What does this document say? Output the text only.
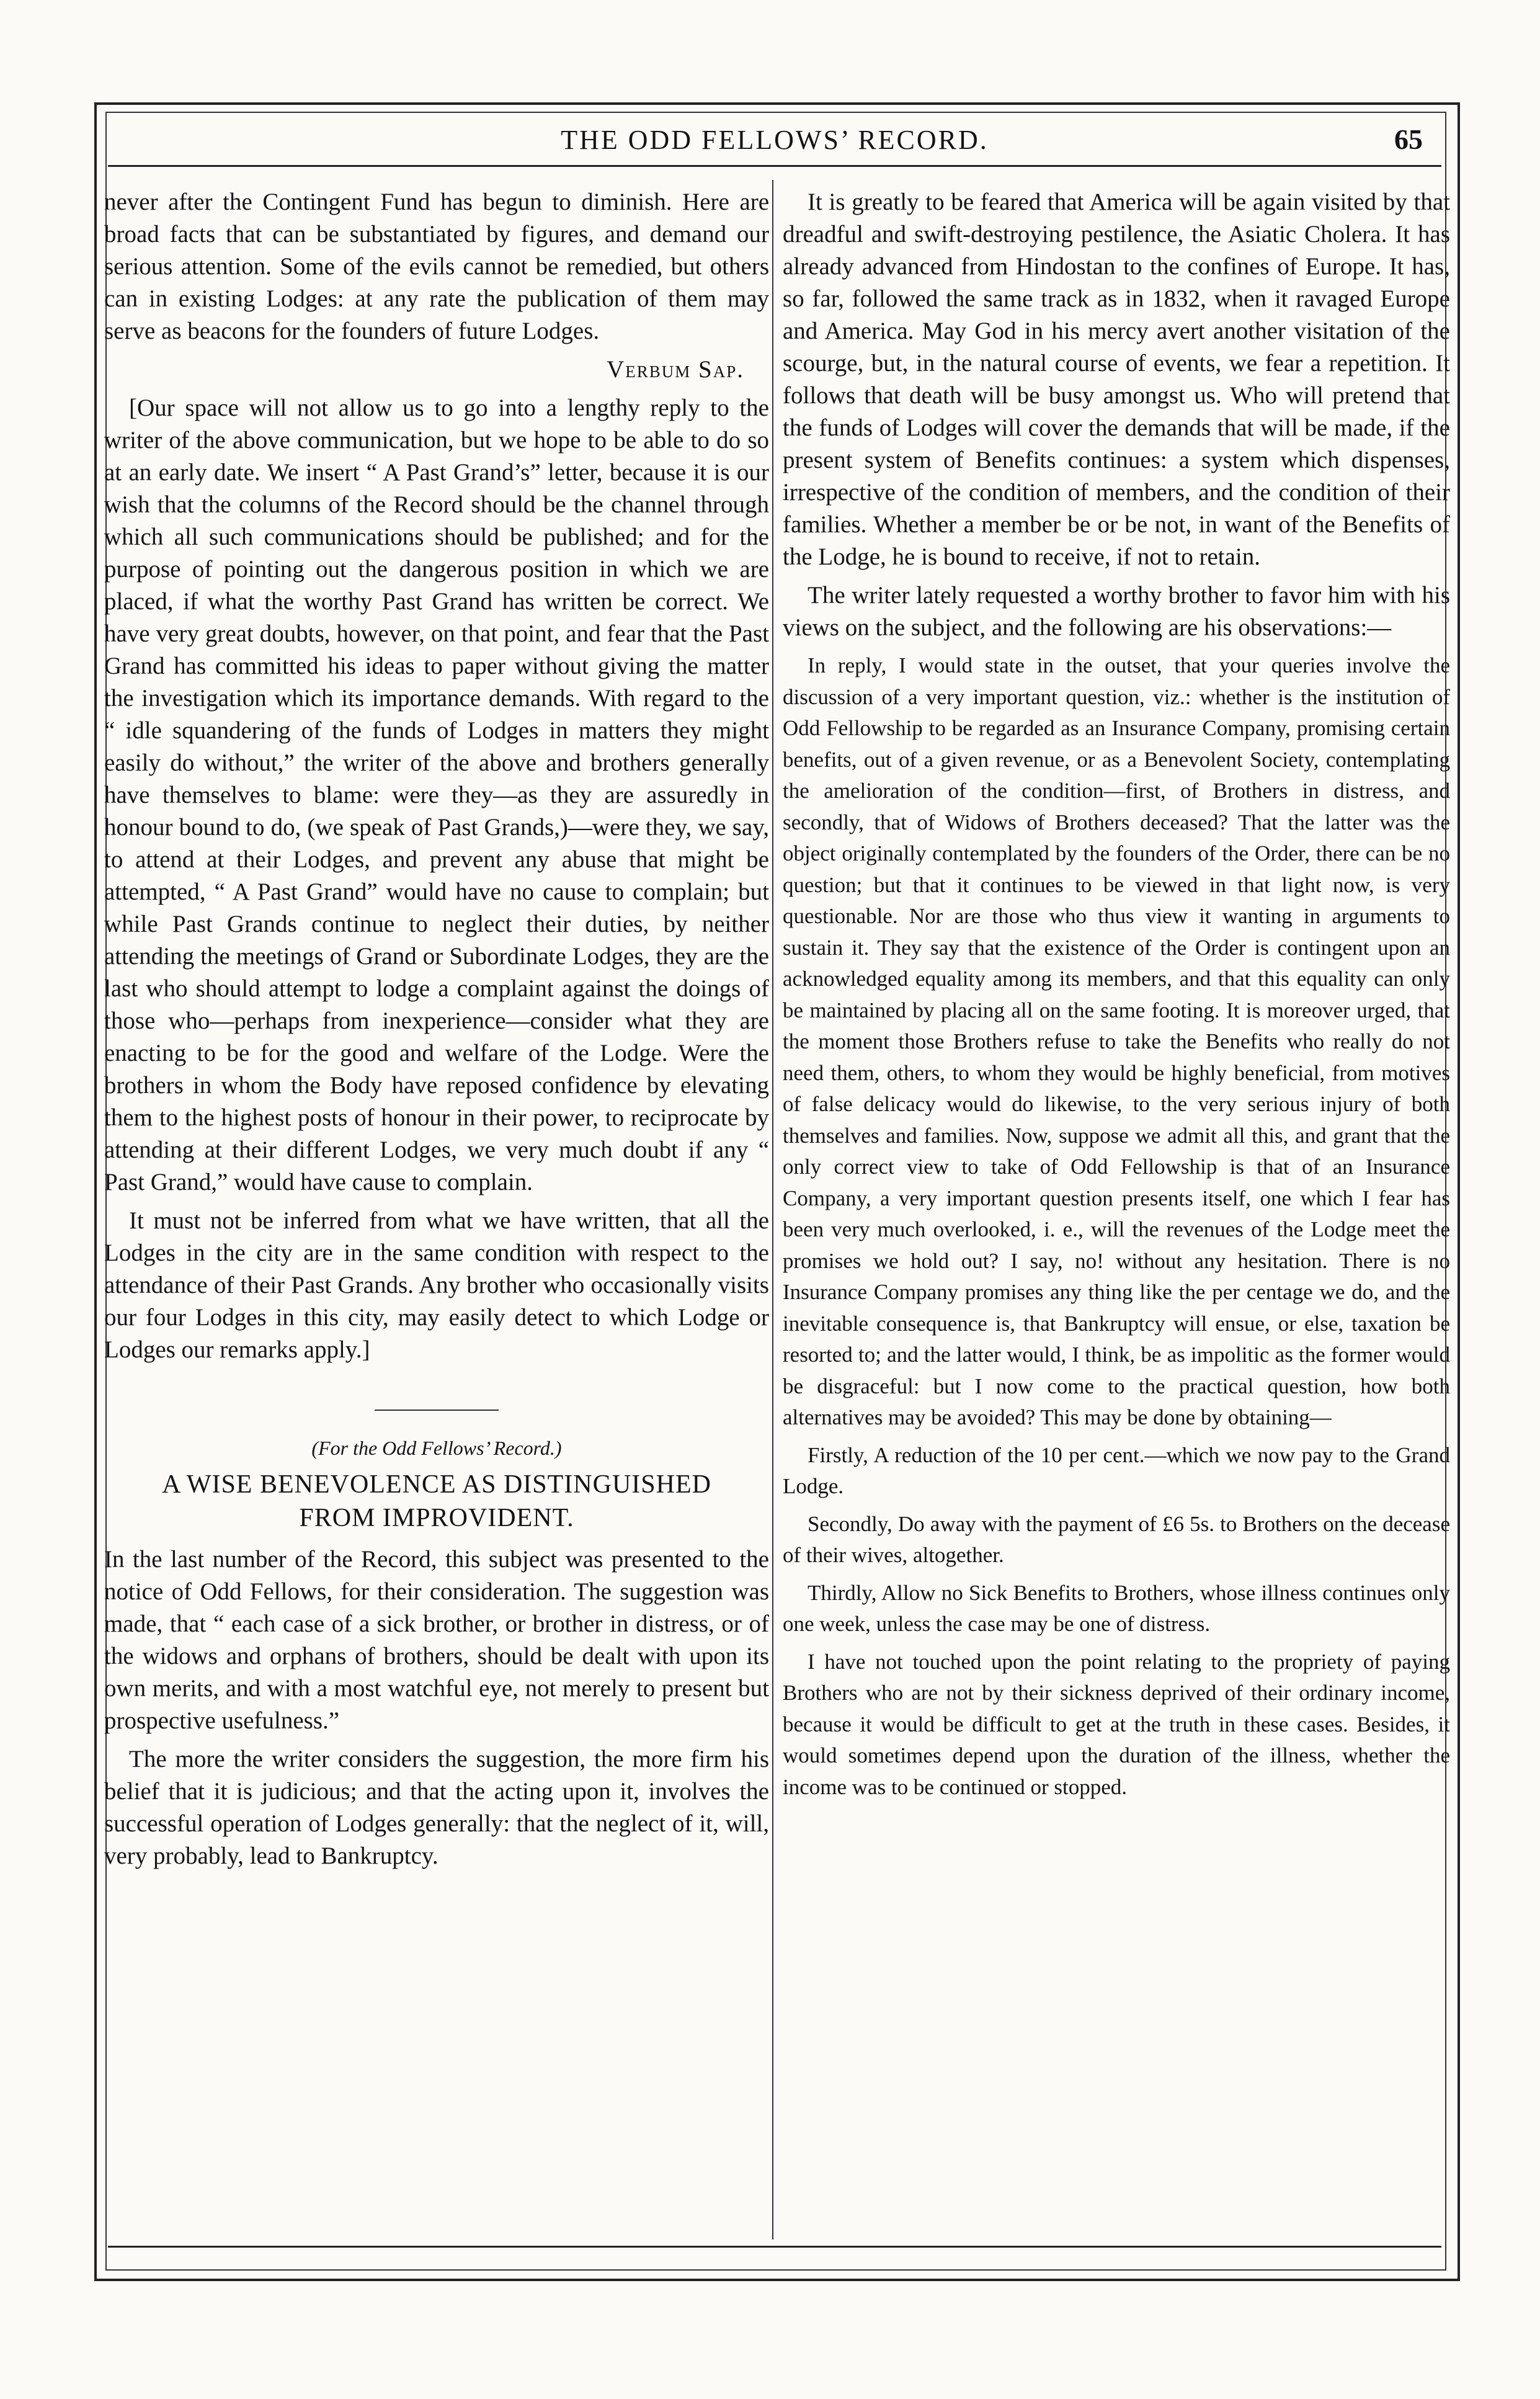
THE ODD FELLOWS’ RECORD.	65

never after the Contingent Fund has begun to diminish. Here are broad facts that can be substantiated by figures, and demand our serious attention. Some of the evils cannot be remedied, but others can in existing Lodges: at any rate the publication of them may serve as beacons for the founders of future Lodges.

Verbum Sap.

[Our space will not allow us to go into a lengthy reply to the writer of the above communication, but we hope to be able to do so at an early date. We insert “ A Past Grand’s” letter, because it is our wish that the columns of the Record should be the channel through which all such communications should be published; and for the purpose of pointing out the dangerous position in which we are placed, if what the worthy Past Grand has written be correct. We have very great doubts, however, on that point, and fear that the Past Grand has committed his ideas to paper without giving the matter the investigation which its importance demands. With regard to the “ idle squandering of the funds of Lodges in matters they might easily do without,” the writer of the above and brothers generally have themselves to blame: were they—as they are assuredly in honour bound to do, (we speak of Past Grands,)—were they, we say, to attend at their Lodges, and prevent any abuse that might be attempted, “ A Past Grand” would have no cause to complain; but while Past Grands continue to neglect their duties, by neither attending the meetings of Grand or Subordinate Lodges, they are the last who should attempt to lodge a complaint against the doings of those who—perhaps from inexperience—consider what they are enacting to be for the good and welfare of the Lodge. Were the brothers in whom the Body have reposed confidence by elevating them to the highest posts of honour in their power, to reciprocate by attending at their different Lodges, we very much doubt if any “ Past Grand,” would have cause to complain.

It must not be inferred from what we have written, that all the Lodges in the city are in the same condition with respect to the attendance of their Past Grands. Any brother who occasionally visits our four Lodges in this city, may easily detect to which Lodge or Lodges our remarks apply.]

(For the Odd Fellows’ Record.)
A WISE BENEVOLENCE AS DISTINGUISHED
FROM IMPROVIDENT.

In the last number of the Record, this subject was presented to the notice of Odd Fellows, for their consideration. The suggestion was made, that “ each case of a sick brother, or brother in distress, or of the widows and orphans of brothers, should be dealt with upon its own merits, and with a most watchful eye, not merely to present but prospective usefulness.”

The more the writer considers the suggestion, the more firm his belief that it is judicious; and that the acting upon it, involves the successful operation of Lodges generally: that the neglect of it, will, very probably, lead to Bankruptcy.

It is greatly to be feared that America will be again visited by that dreadful and swift-destroying pestilence, the Asiatic Cholera. It has already advanced from Hindostan to the confines of Europe. It has, so far, followed the same track as in 1832, when it ravaged Europe and America. May God in his mercy avert another visitation of the scourge, but, in the natural course of events, we fear a repetition. It follows that death will be busy amongst us. Who will pretend that the funds of Lodges will cover the demands that will be made, if the present system of Benefits continues: a system which dispenses, irrespective of the condition of members, and the condition of their families. Whether a member be or be not, in want of the Benefits of the Lodge, he is bound to receive, if not to retain.

The writer lately requested a worthy brother to favor him with his views on the subject, and the following are his observations:—

In reply, I would state in the outset, that your queries involve the discussion of a very important question, viz.: whether is the institution of Odd Fellowship to be regarded as an Insurance Company, promising certain benefits, out of a given revenue, or as a Benevolent Society, contemplating the amelioration of the condition—first, of Brothers in distress, and secondly, that of Widows of Brothers deceased? That the latter was the object originally contemplated by the founders of the Order, there can be no question; but that it continues to be viewed in that light now, is very questionable. Nor are those who thus view it wanting in arguments to sustain it. They say that the existence of the Order is contingent upon an acknowledged equality among its members, and that this equality can only be maintained by placing all on the same footing. It is moreover urged, that the moment those Brothers refuse to take the Benefits who really do not need them, others, to whom they would be highly beneficial, from motives of false delicacy would do likewise, to the very serious injury of both themselves and families. Now, suppose we admit all this, and grant that the only correct view to take of Odd Fellowship is that of an Insurance Company, a very important question presents itself, one which I fear has been very much overlooked, i. e., will the revenues of the Lodge meet the promises we hold out? I say, no! without any hesitation. There is no Insurance Company promises any thing like the per centage we do, and the inevitable consequence is, that Bankruptcy will ensue, or else, taxation be resorted to; and the latter would, I think, be as impolitic as the former would be disgraceful: but I now come to the practical question, how both alternatives may be avoided? This may be done by obtaining—

Firstly, A reduction of the 10 per cent.—which we now pay to the Grand Lodge.

Secondly, Do away with the payment of £6 5s. to Brothers on the decease of their wives, altogether.

Thirdly, Allow no Sick Benefits to Brothers, whose illness continues only one week, unless the case may be one of distress.

I have not touched upon the point relating to the propriety of paying Brothers who are not by their sickness deprived of their ordinary income, because it would be difficult to get at the truth in these cases. Besides, it would sometimes depend upon the duration of the illness, whether the income was to be continued or stopped.
